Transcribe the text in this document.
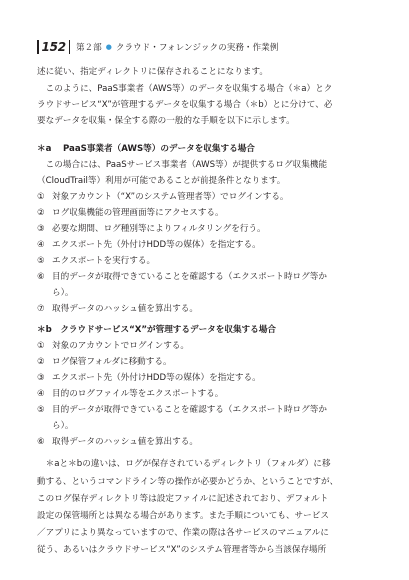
152	第２部 ● クラウド・フォレンジックの実務・作業例
述に従い、指定ディレクトリに保存されることになります。
　このように、PaaS事業者（AWS等）のデータを収集する場合（＊a）とク
ラウドサービス“X”が管理するデータを収集する場合（＊b）とに分けて、必
要なデータを収集・保全する際の一般的な手順を以下に示します。
＊a　 PaaS事業者（AWS等）のデータを収集する場合
　この場合には、PaaSサービス事業者（AWS等）が提供するログ収集機能
（CloudTrail等）利用が可能であることが前提条件となります。
① 対象アカウント（“X”のシステム管理者等）でログインする。
② ログ収集機能の管理画面等にアクセスする。
③ 必要な期間、ログ種別等によりフィルタリングを行う。
④ エクスポート先（外付けHDD等の媒体）を指定する。
⑤ エクスポートを実行する。
⑥ 目的データが取得できていることを確認する（エクスポート時ログ等か
ら）。
⑦ 取得データのハッシュ値を算出する。
＊b　クラウドサービス“X”が管理するデータを収集する場合
① 対象のアカウントでログインする。
② ログ保管フォルダに移動する。
③ エクスポート先（外付けHDD等の媒体）を指定する。
④ 目的のログファイル等をエクスポートする。
⑤ 目的データが取得できていることを確認する（エクスポート時ログ等か
ら）。
⑥ 取得データのハッシュ値を算出する。
　＊aと＊bの違いは、ログが保存されているディレクトリ（フォルダ）に移
動する、というコマンドライン等の操作が必要かどうか、ということですが、
このログ保存ディレクトリ等は設定ファイルに記述されており、デフォルト
設定の保管場所とは異なる場合があります。また手順についても、サービス
／アプリにより異なっていますので、作業の際は各サービスのマニュアルに
従う、あるいはクラウドサービス“X”のシステム管理者等から当該保存場所
